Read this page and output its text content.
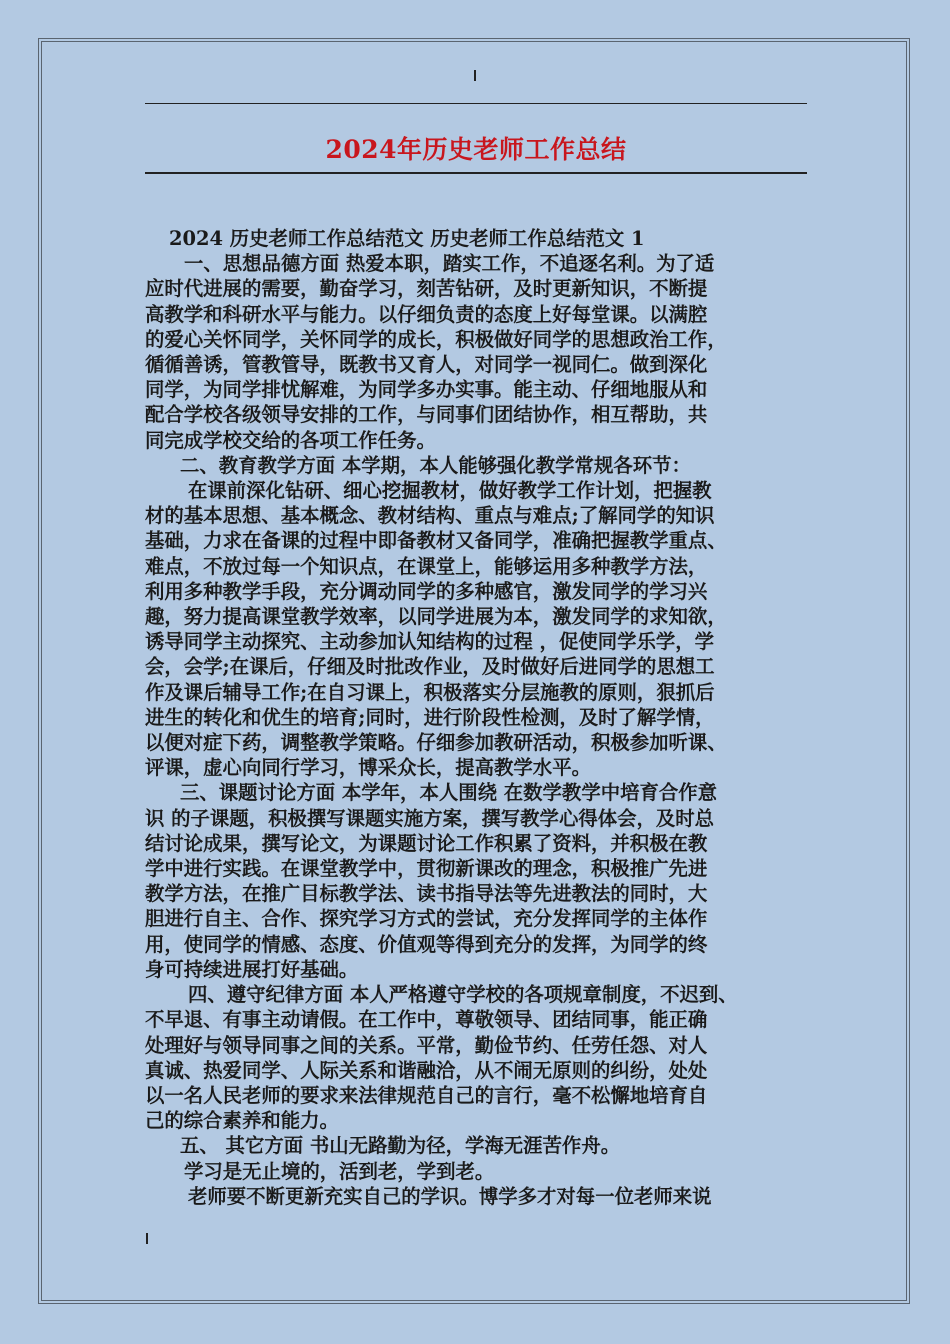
2024年历史老师工作总结

2024 历史老师工作总结范文 历史老师工作总结范文 1

一、思想品德方面 热爱本职，踏实工作，不追逐名利。为了适

应时代进展的需要，勤奋学习，刻苦钻研，及时更新知识，不断提

高教学和科研水平与能力。以仔细负责的态度上好每堂课。以满腔

的爱心关怀同学，关怀同学的成长，积极做好同学的思想政治工作，

循循善诱，管教管导，既教书又育人，对同学一视同仁。做到深化

同学，为同学排忧解难，为同学多办实事。能主动、仔细地服从和

配合学校各级领导安排的工作，与同事们团结协作，相互帮助，共

同完成学校交给的各项工作任务。

二、教育教学方面 本学期，本人能够强化教学常规各环节：

在课前深化钻研、细心挖掘教材，做好教学工作计划，把握教

材的基本思想、基本概念、教材结构、重点与难点;了解同学的知识

基础，力求在备课的过程中即备教材又备同学，准确把握教学重点、

难点，不放过每一个知识点，在课堂上，能够运用多种教学方法，

利用多种教学手段，充分调动同学的多种感官，激发同学的学习兴

趣，努力提高课堂教学效率，以同学进展为本，激发同学的求知欲，

诱导同学主动探究、主动参加认知结构的过程 ，促使同学乐学，学

会，会学;在课后，仔细及时批改作业，及时做好后进同学的思想工

作及课后辅导工作;在自习课上，积极落实分层施教的原则，狠抓后

进生的转化和优生的培育;同时，进行阶段性检测，及时了解学情，

以便对症下药，调整教学策略。仔细参加教研活动，积极参加听课、

评课，虚心向同行学习，博采众长，提高教学水平。

三、课题讨论方面 本学年，本人围绕 在数学教学中培育合作意

识 的子课题，积极撰写课题实施方案，撰写教学心得体会，及时总

结讨论成果，撰写论文，为课题讨论工作积累了资料，并积极在教

学中进行实践。在课堂教学中，贯彻新课改的理念，积极推广先进

教学方法，在推广目标教学法、读书指导法等先进教法的同时，大

胆进行自主、合作、探究学习方式的尝试，充分发挥同学的主体作

用，使同学的情感、态度、价值观等得到充分的发挥，为同学的终

身可持续进展打好基础。

四、遵守纪律方面 本人严格遵守学校的各项规章制度，不迟到、

不早退、有事主动请假。在工作中，尊敬领导、团结同事，能正确

处理好与领导同事之间的关系。平常，勤俭节约、任劳任怨、对人

真诚、热爱同学、人际关系和谐融洽，从不闹无原则的纠纷，处处

以一名人民老师的要求来法律规范自己的言行，毫不松懈地培育自

己的综合素养和能力。

五、 其它方面 书山无路勤为径，学海无涯苦作舟。

学习是无止境的，活到老，学到老。

老师要不断更新充实自己的学识。博学多才对每一位老师来说
